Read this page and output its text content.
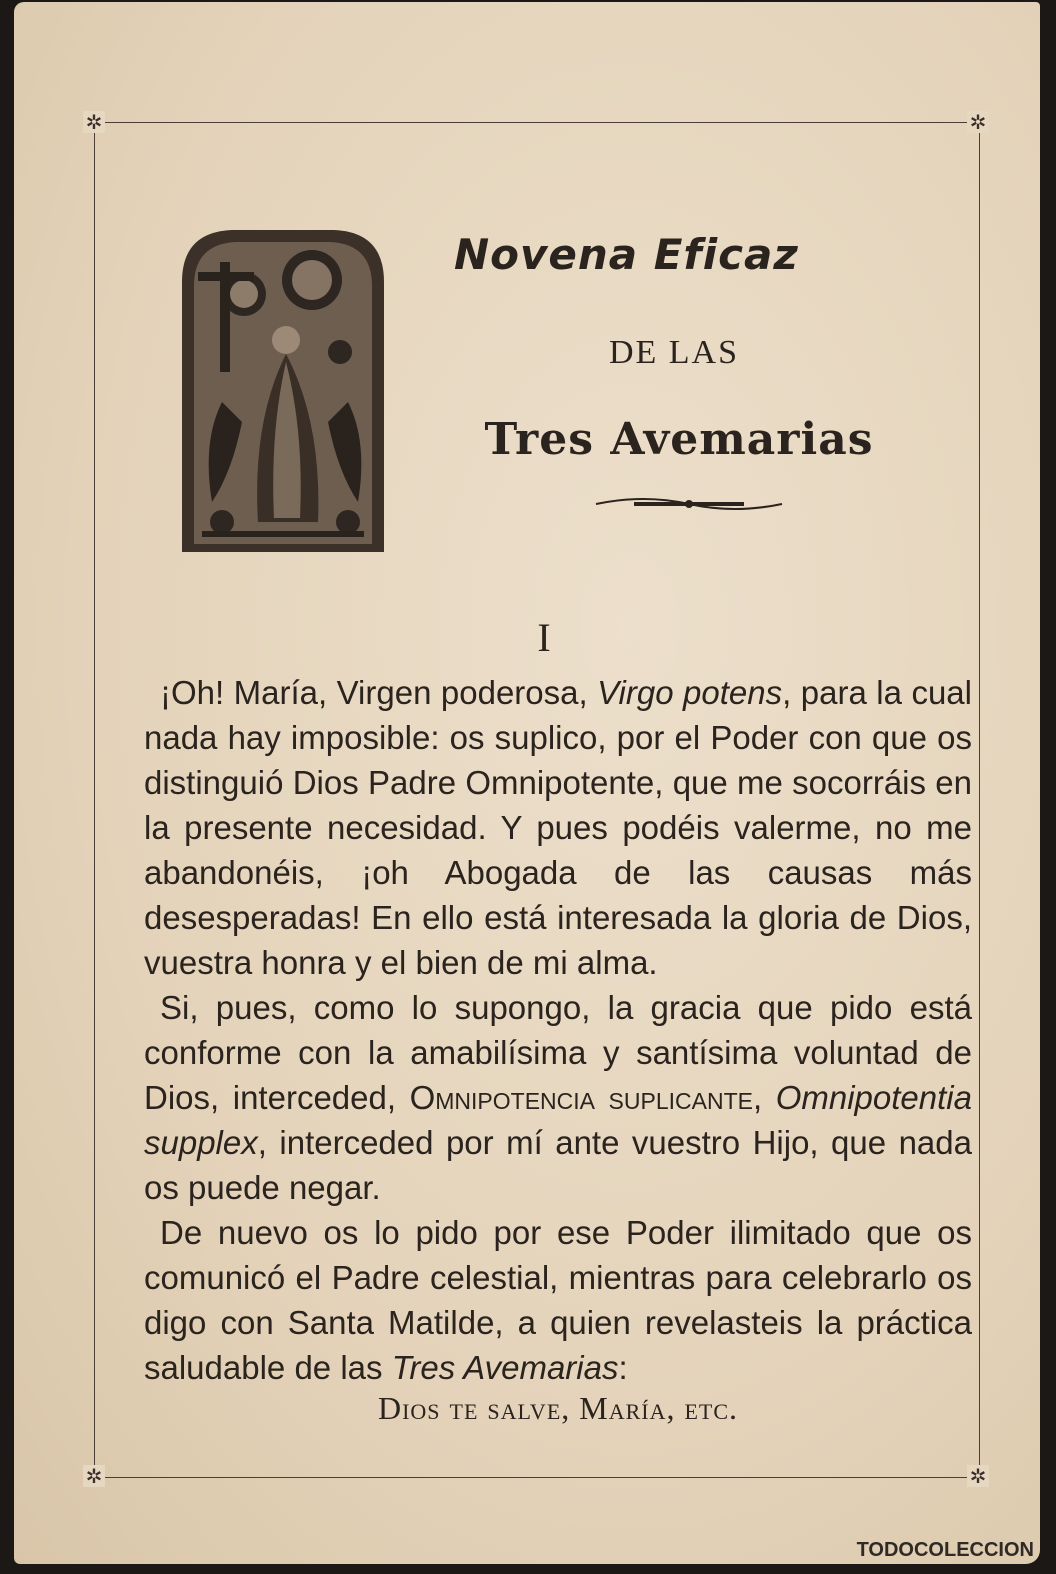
✲	✲
✲	✲
Novena Eficaz
DE LAS
Tres Avemarias
I

¡Oh! María, Virgen poderosa, Virgo potens, para la cual nada hay imposible: os suplico, por el Poder con que os distinguió Dios Padre Omnipotente, que me socorráis en la presente necesidad. Y pues podéis valerme, no me abandonéis, ¡oh Abogada de las causas más desesperadas! En ello está interesada la gloria de Dios, vuestra honra y el bien de mi alma.

Si, pues, como lo supongo, la gracia que pido está conforme con la amabilísima y santísima voluntad de Dios, interceded, Omnipotencia suplicante, Omnipotentia supplex, interceded por mí ante vuestro Hijo, que nada os puede negar.

De nuevo os lo pido por ese Poder ilimitado que os comunicó el Padre celestial, mientras para celebrarlo os digo con Santa Matilde, a quien revelasteis la práctica saludable de las Tres Avemarias:

Dios te salve, María, etc.
TODOCOLECCION
